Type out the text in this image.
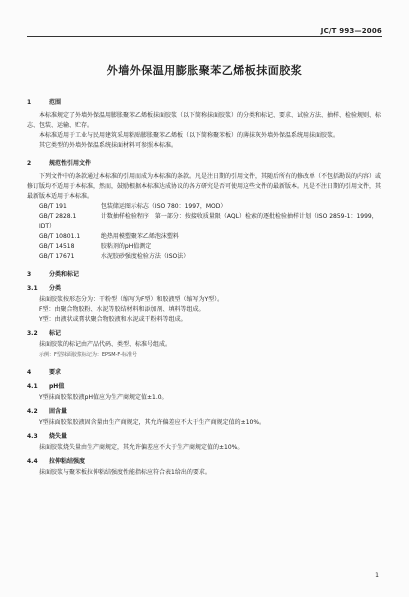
JC/T 993—2006
外墙外保温用膨胀聚苯乙烯板抹面胶浆
1	范围

本标准规定了外墙外保温用膨胀聚苯乙烯板抹面胶浆（以下简称抹面胶浆）的分类和标记、要求、试验方法、抽样、检验规则、标志、包装、运输、贮存。

本标准适用于工业与民用建筑采用粘贴膨胀聚苯乙烯板（以下简称聚苯板）的薄抹灰外墙外保温系统用抹面胶浆。

其它类型的外墙外保温系统抹面材料可参照本标准。

2	规范性引用文件

下列文件中的条款通过本标准的引用而成为本标准的条款。凡是注日期的引用文件，其随后所有的修改单（不包括勘误的内容）或修订版均不适用于本标准，然而，鼓励根据本标准达成协议的各方研究是否可使用这些文件的最新版本。凡是不注日期的引用文件，其最新版本适用于本标准。

GB/T 191	包装储运图示标志（ISO 780：1997，MOD）

GB/T 2828.1	计数抽样检验程序　第一部分：按接收质量限（AQL）检索的逐批检验抽样计划（ISO 2859-1：1999，IDT）

GB/T 10801.1	绝热用模塑聚苯乙烯泡沫塑料

GB/T 14518	胶粘剂的pH值测定

GB/T 17671	水泥胶砂强度检验方法（ISO法）

3	分类和标记
3.1 分类

抹面胶浆按形态分为：干粉型（缩写为F型）和胶液型（缩写为Y型）。

F型：由聚合物胶粉、水泥等胶结材料和添加剂、填料等组成。

Y型：由液状或膏状聚合物胶液和水泥或干粉料等组成。

3.2 标记

抹面胶浆的标记由产品代码、类型、标准号组成。

示例：F型抹面胶浆标记为：EPSM-F-标准号
4	要求
4.1 pH值

Y型抹面胶浆胶液pH值应为生产商规定值±1.0。

4.2 固含量

Y型抹面胶浆胶液固含量由生产商规定，其允许偏差应不大于生产商规定值的±10%。

4.3 烧失量

抹面胶浆烧失量由生产商规定，其允许偏差应不大于生产商规定值的±10%。

4.4 拉伸粘结强度

抹面胶浆与聚苯板拉伸粘结强度性能指标应符合表1给出的要求。

1
